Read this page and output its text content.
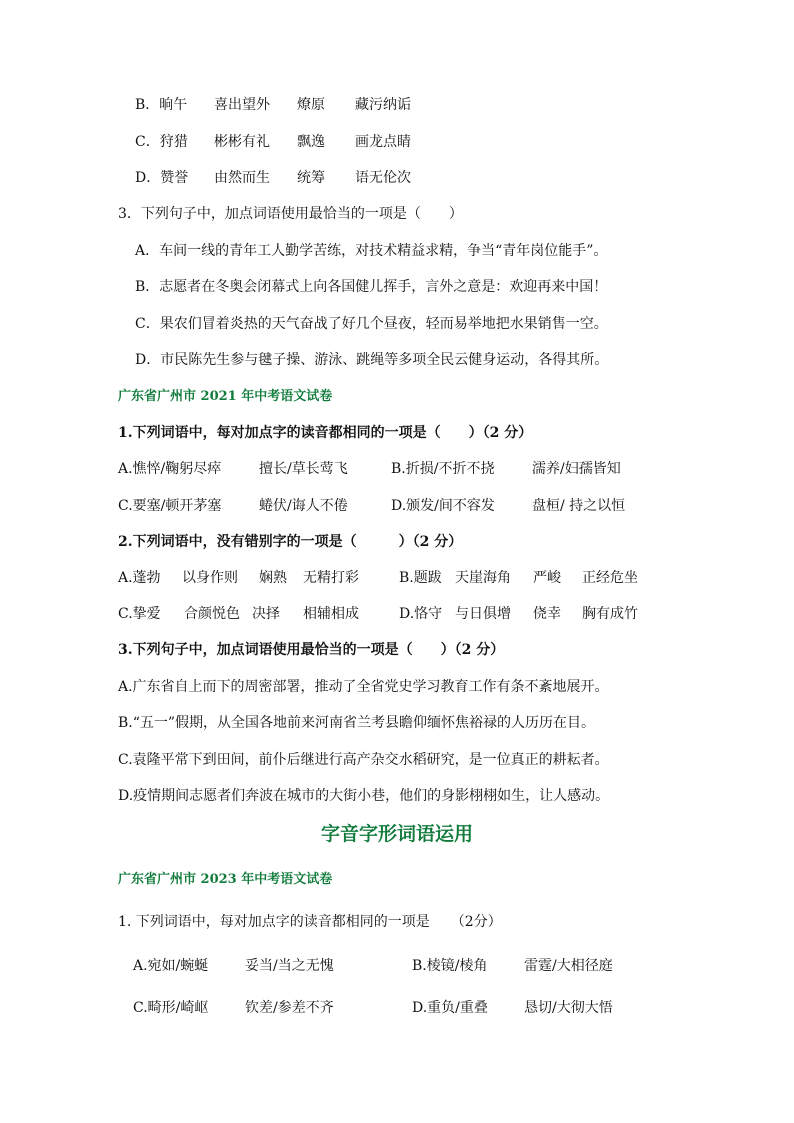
B．晌午 喜出望外 燎原 藏污纳诟
C．狩猎 彬彬有礼 飘逸 画龙点睛
D．赞誉 由然而生 统筹 语无伦次
3．下列句子中，加点词语使用最恰当的一项是（　　）
A．车间一线的青年工人勤学苦练，对技术精益求精，争当“青年岗位能手”。
B．志愿者在冬奥会闭幕式上向各国健儿挥手，言外之意是：欢迎再来中国！
C．果农们冒着炎热的天气奋战了好几个昼夜，轻而易举地把水果销售一空。
D．市民陈先生参与毽子操、游泳、跳绳等多项全民云健身运动，各得其所。
广东省广州市 2021 年中考语文试卷
1.下列词语中，每对加点字的读音都相同的一项是（　　）（2 分）
A.憔悴/鞠躬尽瘁	擅长/草长莺飞	B.折损/不折不挠	濡养/妇孺皆知
C.要塞/顿开茅塞	蜷伏/诲人不倦	D.颁发/间不容发	盘桓/ 持之以恒
2.下列词语中，没有错别字的一项是（　　　）（2 分）
A.蓬勃 以身作则 娴熟 无精打彩	B.题跋 天崖海角 严峻 正经危坐
C.挚爱 合颜悦色 决择 相辅相成	D.恪守 与日俱增 侥幸 胸有成竹
3.下列句子中，加点词语使用最恰当的一项是（　　）（2 分）
A.广东省自上而下的周密部署，推动了全省党史学习教育工作有条不紊地展开。
B.“五一”假期，从全国各地前来河南省兰考县瞻仰缅怀焦裕禄的人历历在目。
C.袁隆平常下到田间，前仆后继进行高产杂交水稻研究，是一位真正的耕耘者。
D.疫情期间志愿者们奔波在城市的大街小巷，他们的身影栩栩如生，让人感动。
字音字形词语运用
广东省广州市 2023 年中考语文试卷
1. 下列词语中，每对加点字的读音都相同的一项是　　（2分）
A.宛如/蜿蜒	妥当/当之无愧	B.棱镜/棱角	雷霆/大相径庭
C.畸形/崎岖	钦差/参差不齐	D.重负/重叠	恳切/大彻大悟
